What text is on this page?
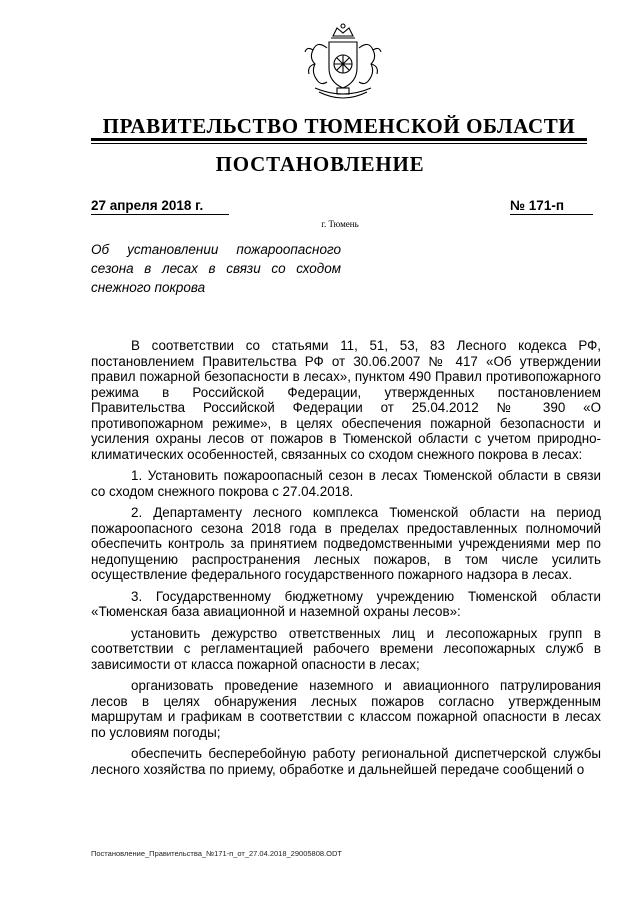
ПРАВИТЕЛЬСТВО ТЮМЕНСКОЙ ОБЛАСТИ
ПОСТАНОВЛЕНИЕ
27 апреля 2018 г.	№ 171-п
г. Тюмень
Об установлении пожароопасного сезона в лесах в связи со сходом снежного покрова

В соответствии со статьями 11, 51, 53, 83 Лесного кодекса РФ, постановлением Правительства РФ от 30.06.2007 № 417 «Об утверждении правил пожарной безопасности в лесах», пунктом 490 Правил противопожарного режима в Российской Федерации, утвержденных постановлением Правительства Российской Федерации от 25.04.2012 № 390 «О противопожарном режиме», в целях обеспечения пожарной безопасности и усиления охраны лесов от пожаров в Тюменской области с учетом природно-климатических особенностей, связанных со сходом снежного покрова в лесах:

1. Установить пожароопасный сезон в лесах Тюменской области в связи со сходом снежного покрова с 27.04.2018.

2. Департаменту лесного комплекса Тюменской области на период пожароопасного сезона 2018 года в пределах предоставленных полномочий обеспечить контроль за принятием подведомственными учреждениями мер по недопущению распространения лесных пожаров, в том числе усилить осуществление федерального государственного пожарного надзора в лесах.

3. Государственному бюджетному учреждению Тюменской области «Тюменская база авиационной и наземной охраны лесов»:

установить дежурство ответственных лиц и лесопожарных групп в соответствии с регламентацией рабочего времени лесопожарных служб в зависимости от класса пожарной опасности в лесах;

организовать проведение наземного и авиационного патрулирования лесов в целях обнаружения лесных пожаров согласно утвержденным маршрутам и графикам в соответствии с классом пожарной опасности в лесах по условиям погоды;

обеспечить бесперебойную работу региональной диспетчерской службы лесного хозяйства по приему, обработке и дальнейшей передаче сообщений о

Постановление_Правительства_№171-п_от_27.04.2018_29005808.ODT
